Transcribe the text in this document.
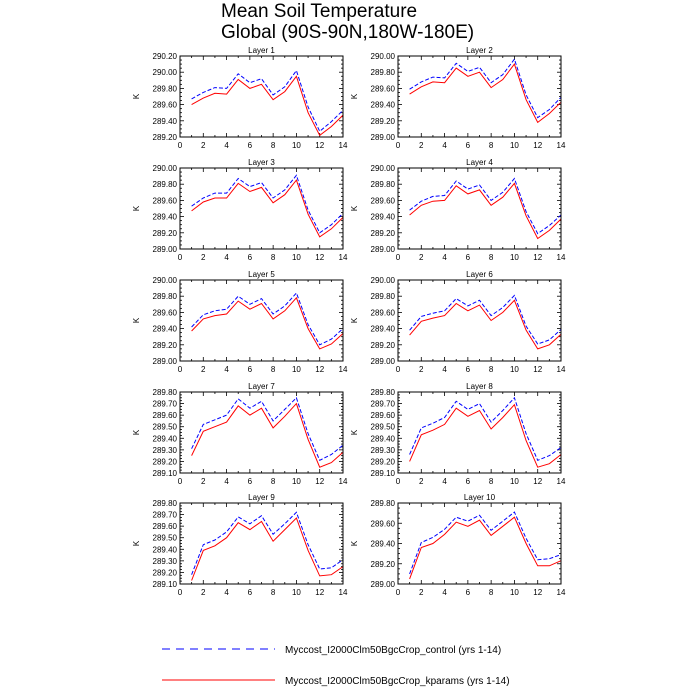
Mean Soil Temperature
Global (90S-90N,180W-180E)
Layer 1
K
289.20
289.40
289.60
289.80
290.00
290.20
0 2 4 6 8 10 12 14
Layer 2
K
289.00
289.20
289.40
289.60
289.80
290.00
0 2 4 6 8 10 12 14
Layer 3
K
289.00
289.20
289.40
289.60
289.80
290.00
0 2 4 6 8 10 12 14
Layer 4
K
289.00
289.20
289.40
289.60
289.80
290.00
0 2 4 6 8 10 12 14
Layer 5
K
289.00
289.20
289.40
289.60
289.80
290.00
0 2 4 6 8 10 12 14
Layer 6
K
289.00
289.20
289.40
289.60
289.80
290.00
0 2 4 6 8 10 12 14
Layer 7
K
289.10
289.20
289.30
289.40
289.50
289.60
289.70
289.80
0 2 4 6 8 10 12 14
Layer 8
K
289.10
289.20
289.30
289.40
289.50
289.60
289.70
289.80
0 2 4 6 8 10 12 14
Layer 9
K
289.10
289.20
289.30
289.40
289.50
289.60
289.70
289.80
0 2 4 6 8 10 12 14
Layer 10
K
289.00
289.20
289.40
289.60
289.80
0 2 4 6 8 10 12 14
Myccost_I2000Clm50BgcCrop_control (yrs 1-14)
Myccost_I2000Clm50BgcCrop_kparams (yrs 1-14)
